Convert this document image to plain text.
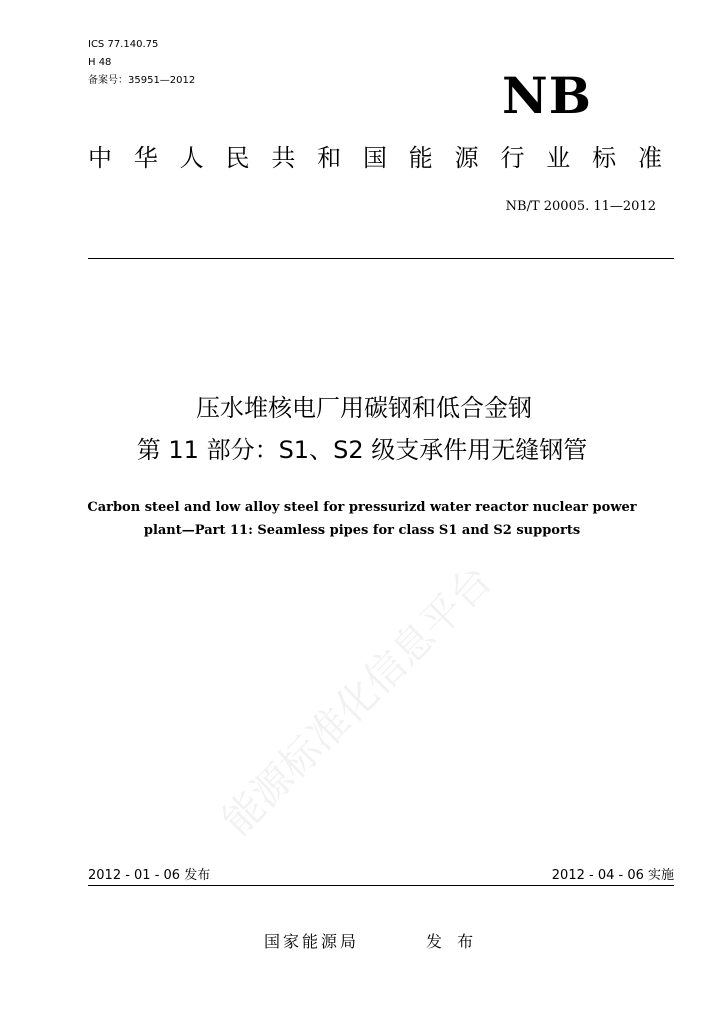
ICS 77.140.75
H 48
备案号：35951—2012	NB
中 华 人 民 共 和 国 能 源 行 业 标 准
NB/T 20005. 11—2012
压水堆核电厂用碳钢和低合金钢
第 11 部分：S1、S2 级支承件用无缝钢管
Carbon steel and low alloy steel for pressurizd water reactor nuclear power
plant—Part 11: Seamless pipes for class S1 and S2 supports
能源标准化信息平台
2012 - 01 - 06 发布	2012 - 04 - 06 实施
国家能源局	发 布
